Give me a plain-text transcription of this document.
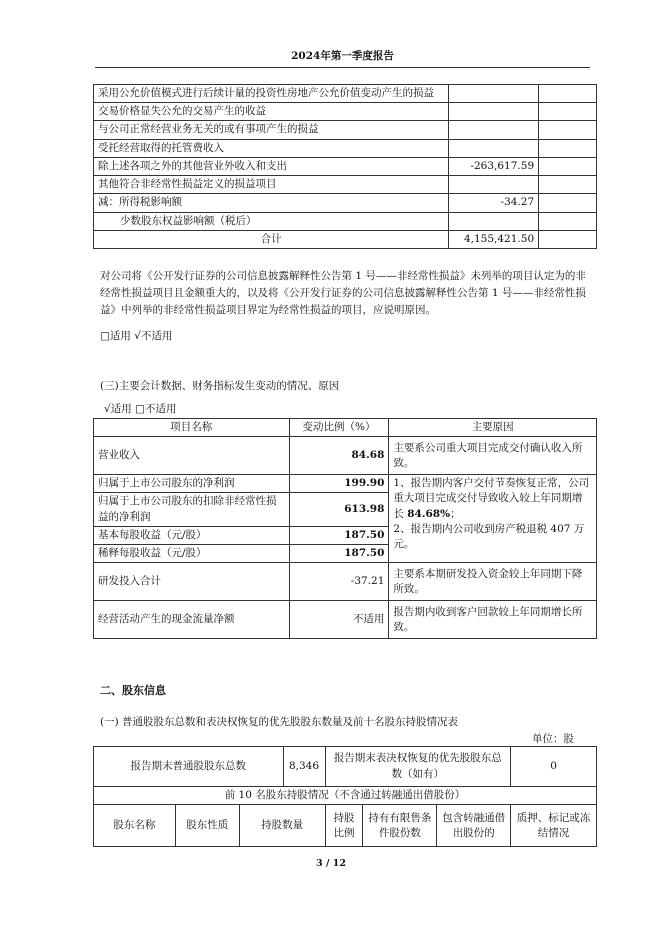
2024年第一季度报告
采用公允价值模式进行后续计量的投资性房地产公允价值变动产生的损益		
交易价格显失公允的交易产生的收益		
与公司正常经营业务无关的或有事项产生的损益		
受托经营取得的托管费收入		
除上述各项之外的其他营业外收入和支出	-263,617.59	
其他符合非经常性损益定义的损益项目		
减：所得税影响额	-34.27	
少数股东权益影响额（税后）		
合计	4,155,421.50	

对公司将《公开发行证券的公司信息披露解释性公告第 1 号——非经常性损益》未列举的项目认定为的非经常性损益项目且金额重大的，以及将《公开发行证券的公司信息披露解释性公告第 1 号——非经常性损益》中列举的非经常性损益项目界定为经常性损益的项目，应说明原因。

□适用 √不适用
(三)主要会计数据、财务指标发生变动的情况、原因
√适用 □不适用
项目名称	变动比例（%）	主要原因
营业收入	84.68	主要系公司重大项目完成交付确认收入所致。
归属于上市公司股东的净利润	199.90	1、报告期内客户交付节奏恢复正常，公司重大项目完成交付导致收入较上年同期增长 84.68%；
2、报告期内公司收到房产税退税 407 万元。

归属于上市公司股东的扣除非经常性损益的净利润	613.98	
基本每股收益（元/股）	187.50	
稀释每股收益（元/股）	187.50	
研发投入合计	-37.21	主要系本期研发投入资金较上年同期下降所致。
经营活动产生的现金流量净额	不适用	报告期内收到客户回款较上年同期增长所致。
二、股东信息
(一) 普通股股东总数和表决权恢复的优先股股东数量及前十名股东持股情况表
单位：股
报告期末普通股股东总数			8,346	报告期末表决权恢复的优先股股东总数（如有）			0
前 10 名股东持股情况（不含通过转融通出借股份）							
股东名称	股东性质	持股数量		持股比例	持有有限售条件股份数	包含转融通借出股份的	质押、标记或冻结情况
3 / 12
